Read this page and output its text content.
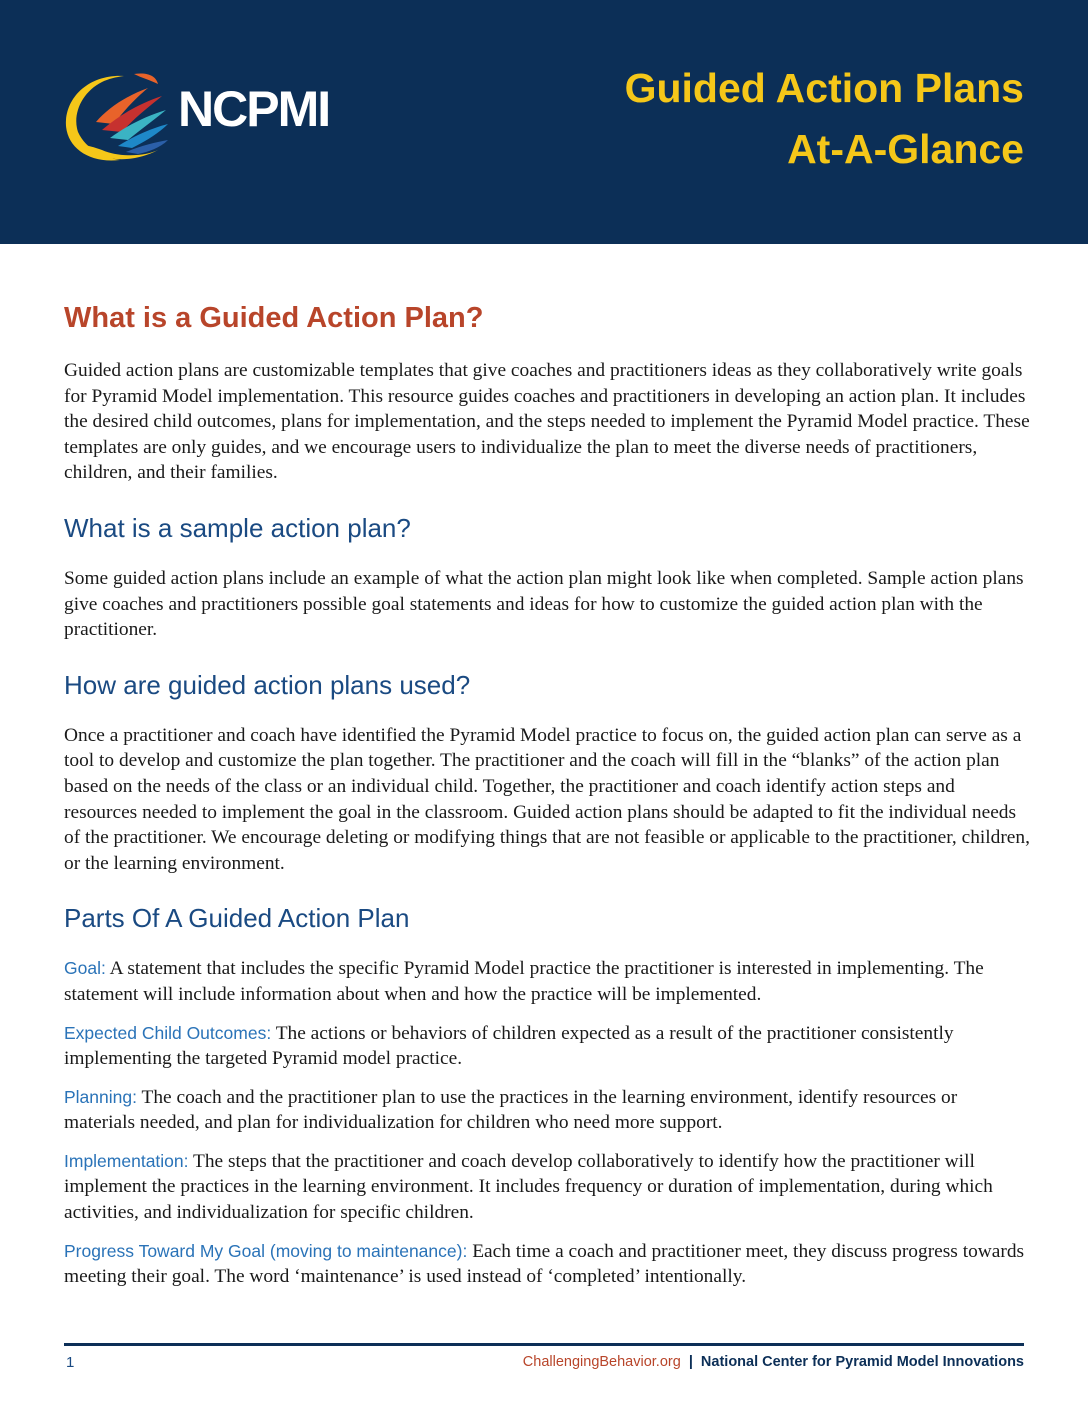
NCPMI	Guided Action Plans
At-A-Glance
What is a Guided Action Plan?

Guided action plans are customizable templates that give coaches and practitioners ideas as they collaboratively write goals for Pyramid Model implementation. This resource guides coaches and practitioners in developing an action plan. It includes the desired child outcomes, plans for implementation, and the steps needed to implement the Pyramid Model practice. These templates are only guides, and we encourage users to individualize the plan to meet the diverse needs of practitioners, children, and their families.

What is a sample action plan?

Some guided action plans include an example of what the action plan might look like when completed. Sample action plans give coaches and practitioners possible goal statements and ideas for how to customize the guided action plan with the practitioner.

How are guided action plans used?

Once a practitioner and coach have identified the Pyramid Model practice to focus on, the guided action plan can serve as a tool to develop and customize the plan together. The practitioner and the coach will fill in the “blanks” of the action plan based on the needs of the class or an individual child. Together, the practitioner and coach identify action steps and resources needed to implement the goal in the classroom. Guided action plans should be adapted to fit the individual needs of the practitioner. We encourage deleting or modifying things that are not feasible or applicable to the practitioner, children, or the learning environment.

Parts Of A Guided Action Plan

Goal: A statement that includes the specific Pyramid Model practice the practitioner is interested in implementing. The statement will include information about when and how the practice will be implemented.

Expected Child Outcomes: The actions or behaviors of children expected as a result of the practitioner consistently implementing the targeted Pyramid model practice.

Planning: The coach and the practitioner plan to use the practices in the learning environment, identify resources or materials needed, and plan for individualization for children who need more support.

Implementation: The steps that the practitioner and coach develop collaboratively to identify how the practitioner will implement the practices in the learning environment. It includes frequency or duration of implementation, during which activities, and individualization for specific children.

Progress Toward My Goal (moving to maintenance): Each time a coach and practitioner meet, they discuss progress towards meeting their goal. The word ‘maintenance’ is used instead of ‘completed’ intentionally.

1	ChallengingBehavior.org | National Center for Pyramid Model Innovations
